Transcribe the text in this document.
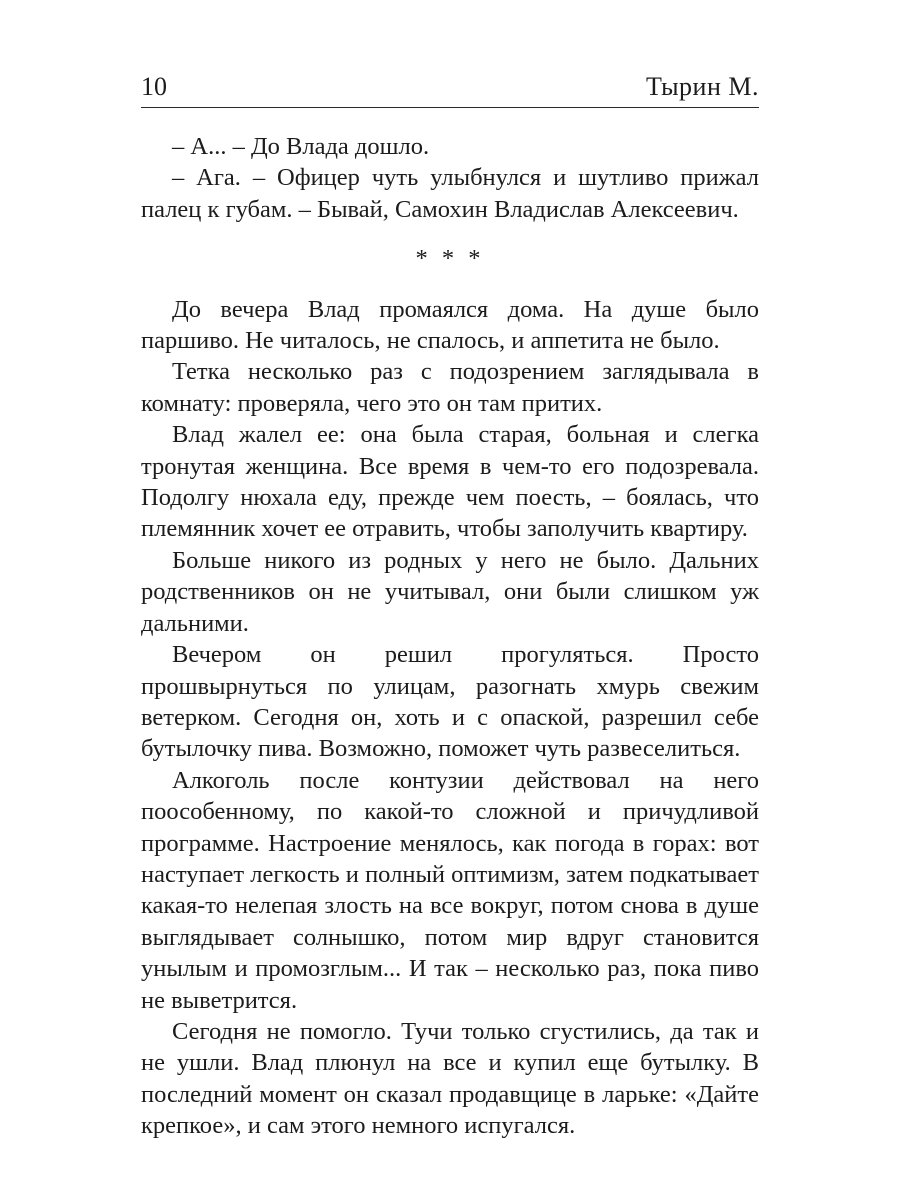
10	Тырин М.

– А... – До Влада дошло.

– Ага. – Офицер чуть улыбнулся и шутливо прижал палец к губам. – Бывай, Самохин Владислав Алексеевич.

* * *

До вечера Влад промаялся дома. На душе было паршиво. Не читалось, не спалось, и аппетита не было.

Тетка несколько раз с подозрением заглядывала в комнату: проверяла, чего это он там притих.

Влад жалел ее: она была старая, больная и слегка тронутая женщина. Все время в чем-то его подозревала. Подолгу нюхала еду, прежде чем поесть, – боялась, что племянник хочет ее отравить, чтобы заполучить квартиру.

Больше никого из родных у него не было. Дальних родственников он не учитывал, они были слишком уж дальними.

Вечером он решил прогуляться. Просто прошвырнуться по улицам, разогнать хмурь свежим ветерком. Сегодня он, хоть и с опаской, разрешил себе бутылочку пива. Возможно, поможет чуть развеселиться.

Алкоголь после контузии действовал на него поособенному, по какой-то сложной и причудливой программе. Настроение менялось, как погода в горах: вот наступает легкость и полный оптимизм, затем подкатывает какая-то нелепая злость на все вокруг, потом снова в душе выглядывает солнышко, потом мир вдруг становится унылым и промозглым... И так – несколько раз, пока пиво не выветрится.

Сегодня не помогло. Тучи только сгустились, да так и не ушли. Влад плюнул на все и купил еще бутылку. В последний момент он сказал продавщице в ларьке: «Дайте крепкое», и сам этого немного испугался.
